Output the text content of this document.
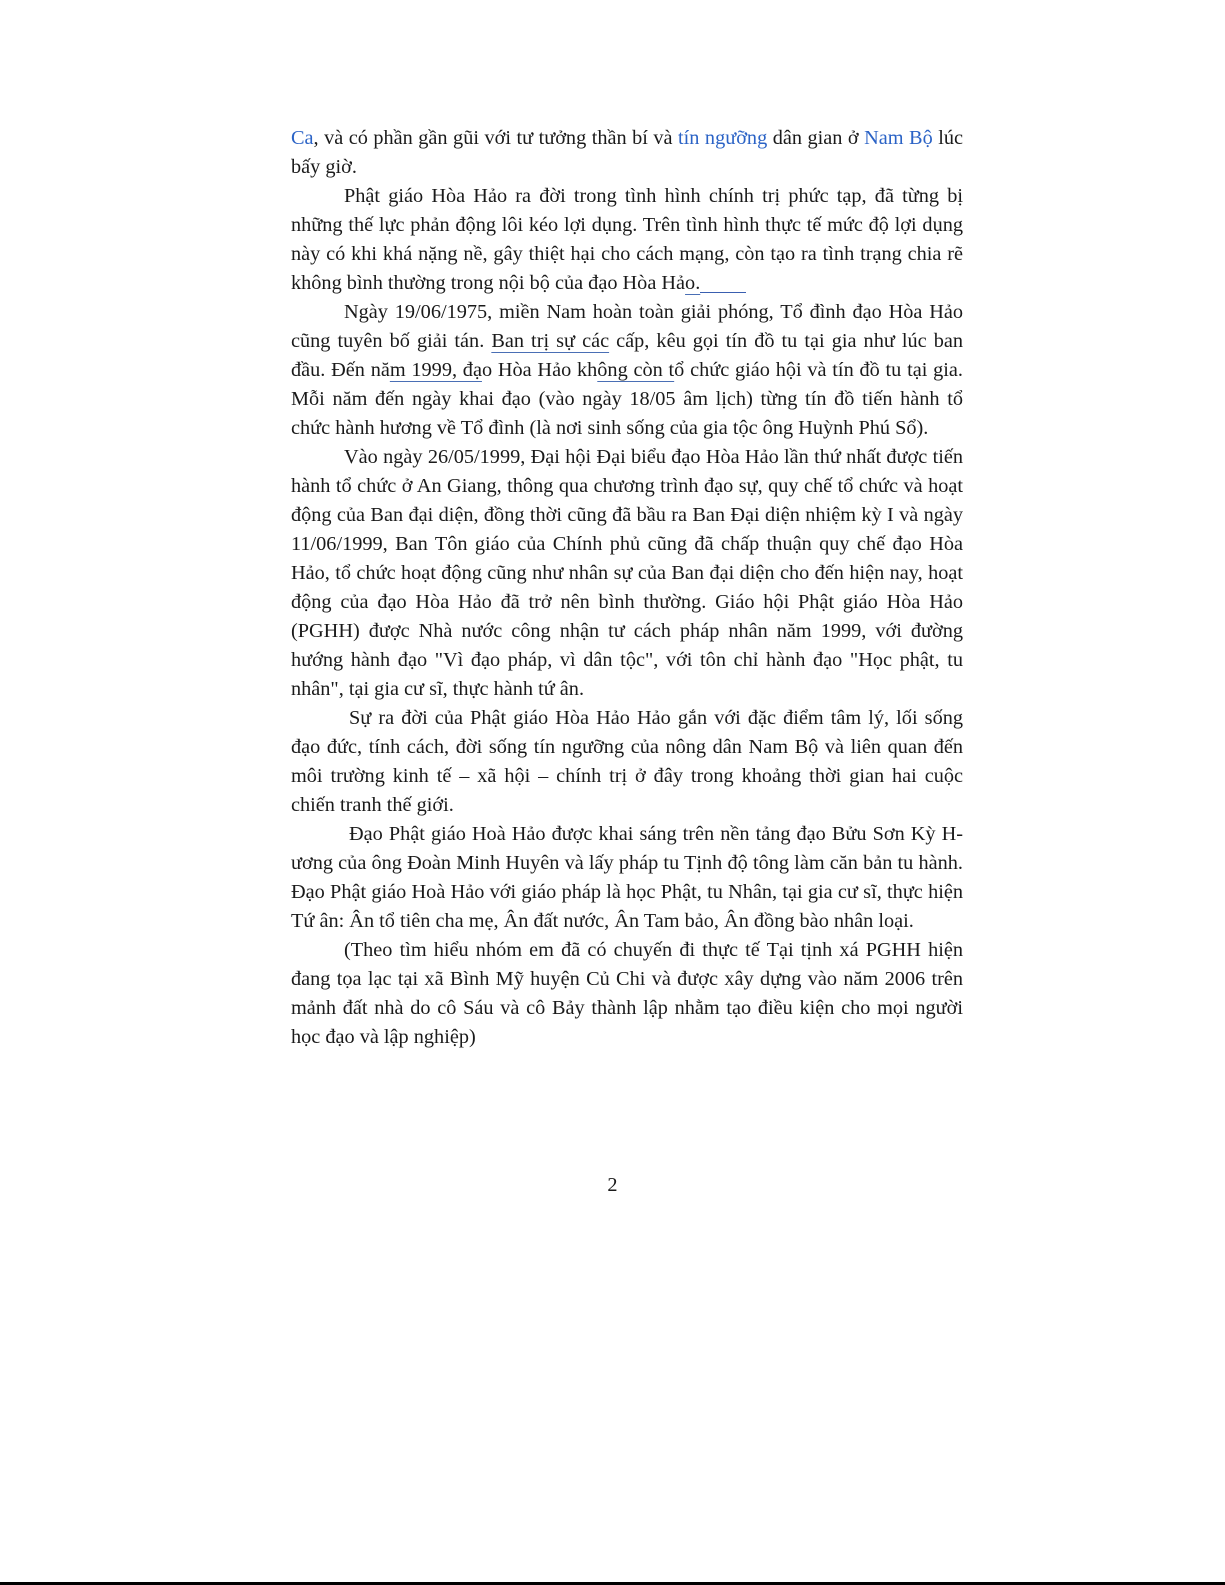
Ca, và có phần gần gũi với tư tưởng thần bí và tín ngưỡng dân gian ở Nam Bộ lúc bấy giờ.

Phật giáo Hòa Hảo ra đời trong tình hình chính trị phức tạp, đã từng bị những thế lực phản động lôi kéo lợi dụng. Trên tình hình thực tế mức độ lợi dụng này có khi khá nặng nề, gây thiệt hại cho cách mạng, còn tạo ra tình trạng chia rẽ không bình thường trong nội bộ của đạo Hòa Hảo.

Ngày 19/06/1975, miền Nam hoàn toàn giải phóng, Tổ đình đạo Hòa Hảo cũng tuyên bố giải tán. Ban trị sự các cấp, kêu gọi tín đồ tu tại gia như lúc ban đầu. Đến năm 1999, đạo Hòa Hảo không còn tổ chức giáo hội và tín đồ tu tại gia. Mỗi năm đến ngày khai đạo (vào ngày 18/05 âm lịch) từng tín đồ tiến hành tổ chức hành hương về Tổ đình (là nơi sinh sống của gia tộc ông Huỳnh Phú Sổ).

Vào ngày 26/05/1999, Đại hội Đại biểu đạo Hòa Hảo lần thứ nhất được tiến hành tổ chức ở An Giang, thông qua chương trình đạo sự, quy chế tổ chức và hoạt động của Ban đại diện, đồng thời cũng đã bầu ra Ban Đại diện nhiệm kỳ I và ngày 11/06/1999, Ban Tôn giáo của Chính phủ cũng đã chấp thuận quy chế đạo Hòa Hảo, tổ chức hoạt động cũng như nhân sự của Ban đại diện cho đến hiện nay, hoạt động của đạo Hòa Hảo đã trở nên bình thường. Giáo hội Phật giáo Hòa Hảo (PGHH) được Nhà nước công nhận tư cách pháp nhân năm 1999, với đường hướng hành đạo "Vì đạo pháp, vì dân tộc", với tôn chỉ hành đạo "Học phật, tu nhân", tại gia cư sĩ, thực hành tứ ân.

Sự ra đời của Phật giáo Hòa Hảo Hảo gắn với đặc điểm tâm lý, lối sống đạo đức, tính cách, đời sống tín ngưỡng của nông dân Nam Bộ và liên quan đến môi trường kinh tế – xã hội – chính trị ở đây trong khoảng thời gian hai cuộc chiến tranh thế giới.

Đạo Phật giáo Hoà Hảo được khai sáng trên nền tảng đạo Bửu Sơn Kỳ H-ương của ông Đoàn Minh Huyên và lấy pháp tu Tịnh độ tông làm căn bản tu hành. Đạo Phật giáo Hoà Hảo với giáo pháp là học Phật, tu Nhân, tại gia cư sĩ, thực hiện Tứ ân: Ân tổ tiên cha mẹ, Ân đất nước, Ân Tam bảo, Ân đồng bào nhân loại.

(Theo tìm hiểu nhóm em đã có chuyến đi thực tế Tại tịnh xá PGHH hiện đang tọa lạc tại xã Bình Mỹ huyện Củ Chi và được xây dựng vào năm 2006 trên mảnh đất nhà do cô Sáu và cô Bảy thành lập nhằm tạo điều kiện cho mọi người học đạo và lập nghiệp)

2
